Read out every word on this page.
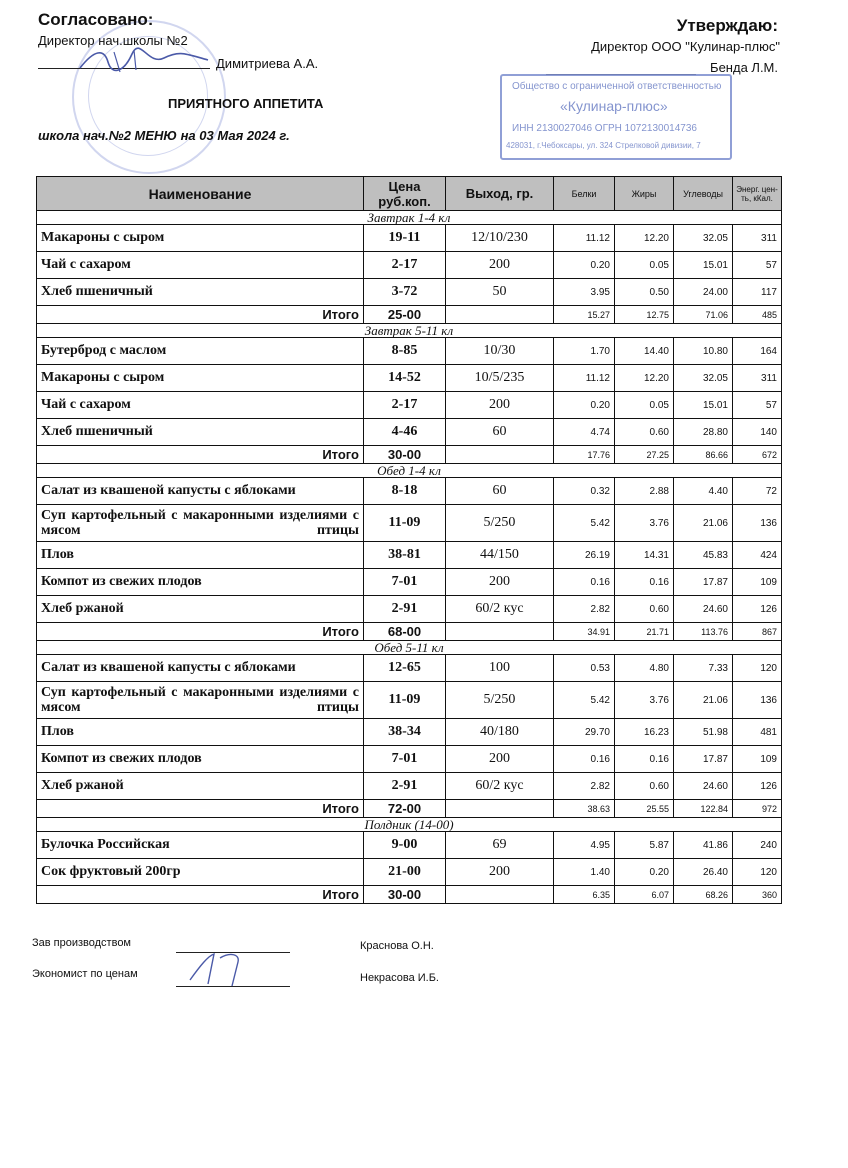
Согласовано:
Директор нач.школы №2
Димитриева А.А.
Утверждаю:
Директор ООО "Кулинар-плюс"
Бенда Л.М.
Общество с ограниченной ответственностью
«Кулинар-плюс»
ИНН 2130027046 ОГРН 1072130014736
428031, г.Чебоксары, ул. 324 Стрелковой дивизии, 7
ПРИЯТНОГО АППЕТИТА
школа нач.№2 МЕНЮ на 03 Мая 2024 г.
Наименование	Цена руб.коп.	Выход, гр.	Белки	Жиры	Углеводы	Энерг. цен-ть, кКал.
Завтрак 1-4 кл						
Макароны с сыром	19-11	12/10/230	11.12	12.20	32.05	311
Чай с сахаром	2-17	200	0.20	0.05	15.01	57
Хлеб пшеничный	3-72	50	3.95	0.50	24.00	117
Итого	25-00		15.27	12.75	71.06	485
Завтрак 5-11 кл						
Бутерброд с маслом	8-85	10/30	1.70	14.40	10.80	164
Макароны с сыром	14-52	10/5/235	11.12	12.20	32.05	311
Чай с сахаром	2-17	200	0.20	0.05	15.01	57
Хлеб пшеничный	4-46	60	4.74	0.60	28.80	140
Итого	30-00		17.76	27.25	86.66	672
Обед 1-4 кл						
Салат из квашеной капусты с яблоками	8-18	60	0.32	2.88	4.40	72
Суп картофельный с макаронными изделиями с мясом птицы	11-09	5/250	5.42	3.76	21.06	136
Плов	38-81	44/150	26.19	14.31	45.83	424
Компот из свежих плодов	7-01	200	0.16	0.16	17.87	109
Хлеб ржаной	2-91	60/2 кус	2.82	0.60	24.60	126
Итого	68-00		34.91	21.71	113.76	867
Обед 5-11 кл						
Салат из квашеной капусты с яблоками	12-65	100	0.53	4.80	7.33	120
Суп картофельный с макаронными изделиями с мясом птицы	11-09	5/250	5.42	3.76	21.06	136
Плов	38-34	40/180	29.70	16.23	51.98	481
Компот из свежих плодов	7-01	200	0.16	0.16	17.87	109
Хлеб ржаной	2-91	60/2 кус	2.82	0.60	24.60	126
Итого	72-00		38.63	25.55	122.84	972
Полдник (14-00)						
Булочка Российская	9-00	69	4.95	5.87	41.86	240
Сок фруктовый 200гр	21-00	200	1.40	0.20	26.40	120
Итого	30-00		6.35	6.07	68.26	360
Зав производством	Краснова О.Н.
Экономист по ценам	Некрасова И.Б.
